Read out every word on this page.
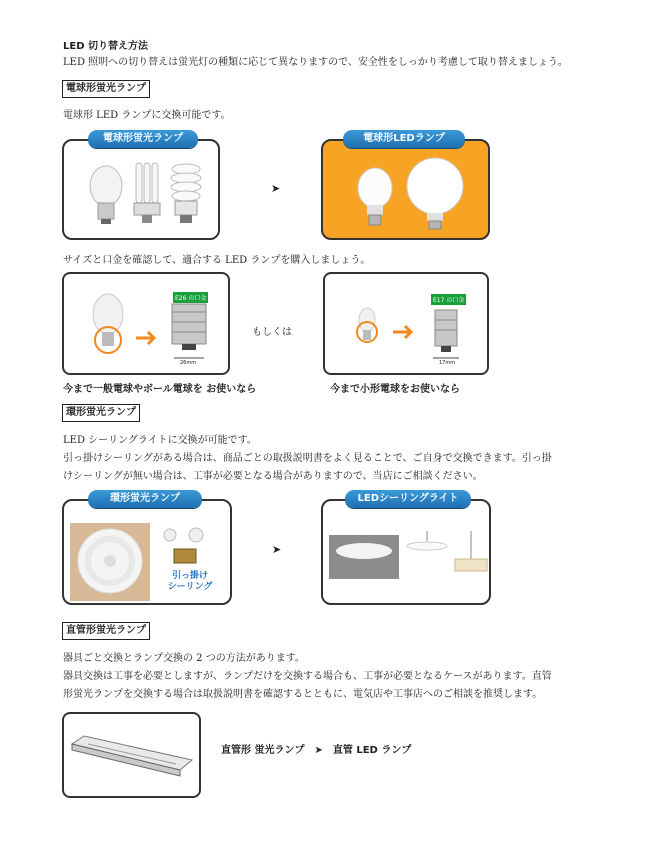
LED 切り替え方法
LED 照明への切り替えは蛍光灯の種類に応じて異なりますので、安全性をしっかり考慮して取り替えましょう。
電球形蛍光ランプ
電球形 LED ランプに交換可能です。
電球形蛍光ランプ
➤
電球形LEDランプ
サイズと口金を確認して、適合する LED ランプを購入しましょう。
E26 の口金
26mm
もしくは
E17 の口金
17mm
今まで一般電球やボール電球を お使いなら	今まで小形電球をお使いなら
環形蛍光ランプ
LED シーリングライトに交換が可能です。
引っ掛けシーリングがある場合は、商品ごとの取扱説明書をよく見ることで、ご自身で交換できます。引っ掛
けシーリングが無い場合は、工事が必要となる場合がありますので、当店にご相談ください。
引っ掛け
シーリング
環形蛍光ランプ
➤
LEDシーリングライト
直管形蛍光ランプ
器具ごと交換とランプ交換の 2 つの方法があります。
器具交換は工事を必要としますが、ランプだけを交換する場合も、工事が必要となるケースがあります。直管
形蛍光ランプを交換する場合は取扱説明書を確認するとともに、電気店や工事店へのご相談を推奨します。
直管形 蛍光ランプ　➤　直管 LED ランプ
